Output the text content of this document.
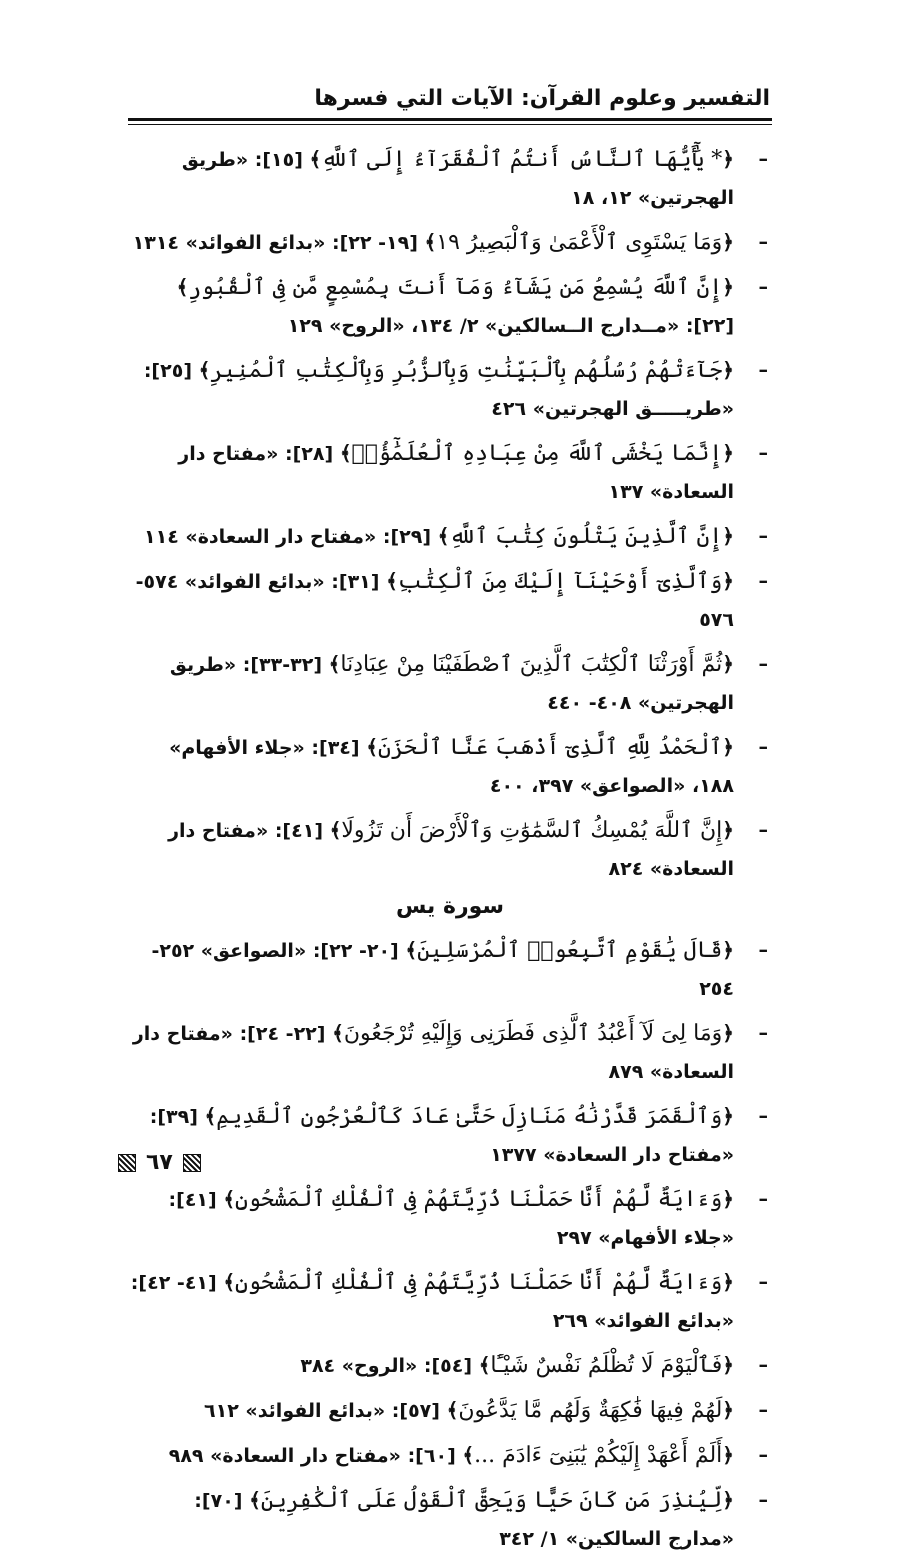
التفسير وعلوم القرآن: الآيات التي فسرها
–
﴿* يَٰٓأَيُّهَا ٱلنَّاسُ أَنتُمُ ٱلْفُقَرَآءُ إِلَى ٱللَّهِ﴾ [١٥]: «طريق الهجرتين» ١٢، ١٨
–
﴿وَمَا يَسْتَوِى ٱلْأَعْمَىٰ وَٱلْبَصِيرُ ١٩﴾ [١٩- ٢٢]: «بدائع الفوائد» ١٣١٤
–
﴿إِنَّ ٱللَّهَ يُسْمِعُ مَن يَشَآءُ وَمَآ أَنتَ بِمُسْمِعٍ مَّن فِى ٱلْقُبُورِ﴾ [٢٢]: «مــدارج الــسالكين» ٢/ ١٣٤، «الروح» ١٢٩
–
﴿جَآءَتْهُمْ رُسُلُهُم بِٱلْبَيِّنَٰتِ وَبِٱلزُّبُرِ وَبِٱلْكِتَٰبِ ٱلْمُنِيرِ﴾ [٢٥]: «طريـــــق الهجرتين» ٤٢٦
–
﴿إِنَّمَا يَخْشَى ٱللَّهَ مِنْ عِبَادِهِ ٱلْعُلَمَٰٓؤُا۟﴾ [٢٨]: «مفتاح دار السعادة» ١٣٧
–
﴿إِنَّ ٱلَّذِينَ يَتْلُونَ كِتَٰبَ ٱللَّهِ﴾ [٢٩]: «مفتاح دار السعادة» ١١٤
–
﴿وَٱلَّذِىٓ أَوْحَيْنَآ إِلَيْكَ مِنَ ٱلْكِتَٰبِ﴾ [٣١]: «بدائع الفوائد» ٥٧٤- ٥٧٦
–
﴿ثُمَّ أَوْرَثْنَا ٱلْكِتَٰبَ ٱلَّذِينَ ٱصْطَفَيْنَا مِنْ عِبَادِنَا﴾ [٣٢-٣٣]: «طريق الهجرتين» ٤٠٨- ٤٤٠
–
﴿ٱلْحَمْدُ لِلَّهِ ٱلَّذِىٓ أَذْهَبَ عَنَّا ٱلْحَزَنَ﴾ [٣٤]: «جلاء الأفهام» ١٨٨، «الصواعق» ٣٩٧، ٤٠٠
–
﴿إِنَّ ٱللَّهَ يُمْسِكُ ٱلسَّمَٰوَٰتِ وَٱلْأَرْضَ أَن تَزُولَا﴾ [٤١]: «مفتاح دار السعادة» ٨٢٤
سورة يس
–
﴿قَالَ يَٰقَوْمِ ٱتَّبِعُوا۟ ٱلْمُرْسَلِينَ﴾ [٢٠- ٢٢]: «الصواعق» ٢٥٢- ٢٥٤
–
﴿وَمَا لِىَ لَآ أَعْبُدُ ٱلَّذِى فَطَرَنِى وَإِلَيْهِ تُرْجَعُونَ﴾ [٢٢- ٢٤]: «مفتاح دار السعادة» ٨٧٩
–
﴿وَٱلْقَمَرَ قَدَّرْنَٰهُ مَنَازِلَ حَتَّىٰ عَادَ كَٱلْعُرْجُونِ ٱلْقَدِيمِ﴾ [٣٩]: «مفتاح دار السعادة» ١٣٧٧
–
﴿وَءَايَةٌ لَّهُمْ أَنَّا حَمَلْنَا ذُرِّيَّتَهُمْ فِى ٱلْفُلْكِ ٱلْمَشْحُونِ﴾ [٤١]: «جلاء الأفهام» ٢٩٧
–
﴿وَءَايَةٌ لَّهُمْ أَنَّا حَمَلْنَا ذُرِّيَّتَهُمْ فِى ٱلْفُلْكِ ٱلْمَشْحُونِ﴾ [٤١- ٤٢]: «بدائع الفوائد» ٢٦٩
–
﴿فَٱلْيَوْمَ لَا تُظْلَمُ نَفْسٌ شَيْـًٔا﴾ [٥٤]: «الروح» ٣٨٤
–
﴿لَهُمْ فِيهَا فَٰكِهَةٌ وَلَهُم مَّا يَدَّعُونَ﴾ [٥٧]: «بدائع الفوائد» ٦١٢
–
﴿أَلَمْ أَعْهَدْ إِلَيْكُمْ يَٰبَنِىٓ ءَادَمَ ...﴾ [٦٠]: «مفتاح دار السعادة» ٩٨٩
–
﴿لِّيُنذِرَ مَن كَانَ حَيًّا وَيَحِقَّ ٱلْقَوْلُ عَلَى ٱلْكَٰفِرِينَ﴾ [٧٠]: «مدارج السالكين» ١/ ٣٤٢
٦٧
